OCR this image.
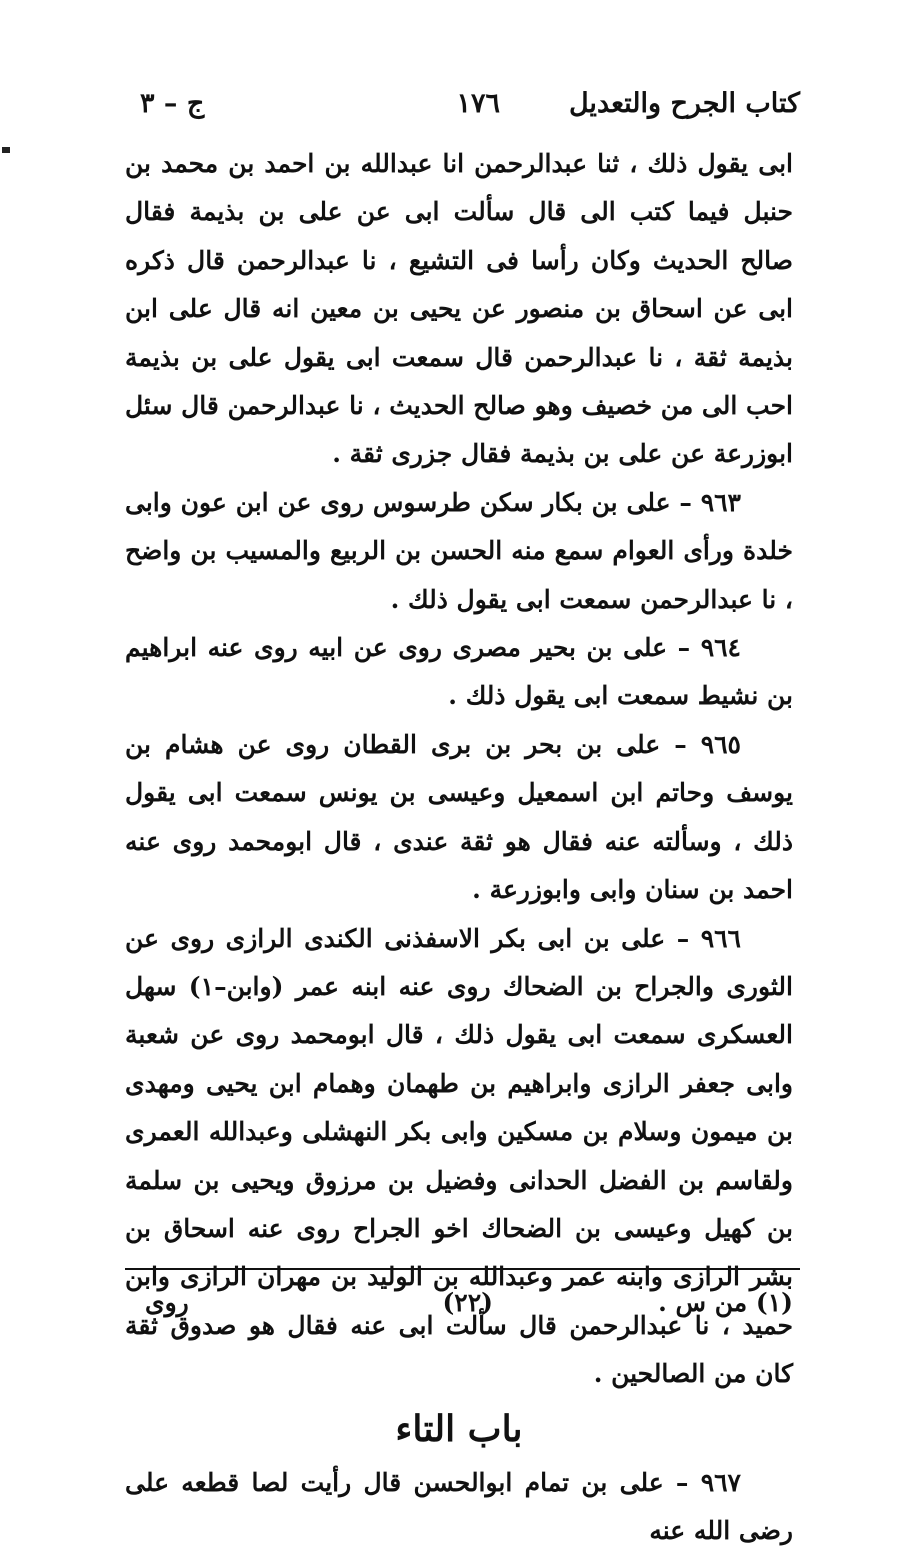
كتاب الجرح والتعديل
١٧٦
ج – ٣

ابى يقول ذلك ، ثنا عبدالرحمن انا عبدالله بن احمد بن محمد بن حنبل فيما كتب الى قال سألت ابى عن على بن بذيمة فقال صالح الحديث وكان رأسا فى التشيع ، نا عبدالرحمن قال ذكره ابى عن اسحاق بن منصور عن يحيى بن معين انه قال على ابن بذيمة ثقة ، نا عبدالرحمن قال سمعت ابى يقول على بن بذيمة احب الى من خصيف وهو صالح الحديث ، نا عبدالرحمن قال سئل ابوزرعة عن على بن بذيمة فقال جزرى ثقة .

٩٦٣ – على بن بكار سكن طرسوس روى عن ابن عون وابى خلدة ورأى العوام سمع منه الحسن بن الربيع والمسيب بن واضح ، نا عبدالرحمن سمعت ابى يقول ذلك .

٩٦٤ – على بن بحير مصرى روى عن ابيه روى عنه ابراهيم بن نشيط سمعت ابى يقول ذلك .

٩٦٥ – على بن بحر بن برى القطان روى عن هشام بن يوسف وحاتم ابن اسمعيل وعيسى بن يونس سمعت ابى يقول ذلك ، وسألته عنه فقال هو ثقة عندى ، قال ابومحمد روى عنه احمد بن سنان وابى وابوزرعة .

٩٦٦ – على بن ابى بكر الاسفذنى الكندى الرازى روى عن الثورى والجراح بن الضحاك روى عنه ابنه عمر (وابن–١) سهل العسكرى سمعت ابى يقول ذلك ، قال ابومحمد روى عن شعبة وابى جعفر الرازى وابراهيم بن طهمان وهمام ابن يحيى ومهدى بن ميمون وسلام بن مسكين وابى بكر النهشلى وعبدالله العمرى ولقاسم بن الفضل الحدانى وفضيل بن مرزوق ويحيى بن سلمة بن كهيل وعيسى بن الضحاك اخو الجراح روى عنه اسحاق بن بشر الرازى وابنه عمر وعبدالله بن الوليد بن مهران الرازى وابن حميد ، نا عبدالرحمن قال سألت ابى عنه فقال هو صدوق ثقة كان من الصالحين .

باب التاء

٩٦٧ – على بن تمام ابوالحسن قال رأيت لصا قطعه على رضى الله عنه

(١) من س .
(٢٢)
روى
